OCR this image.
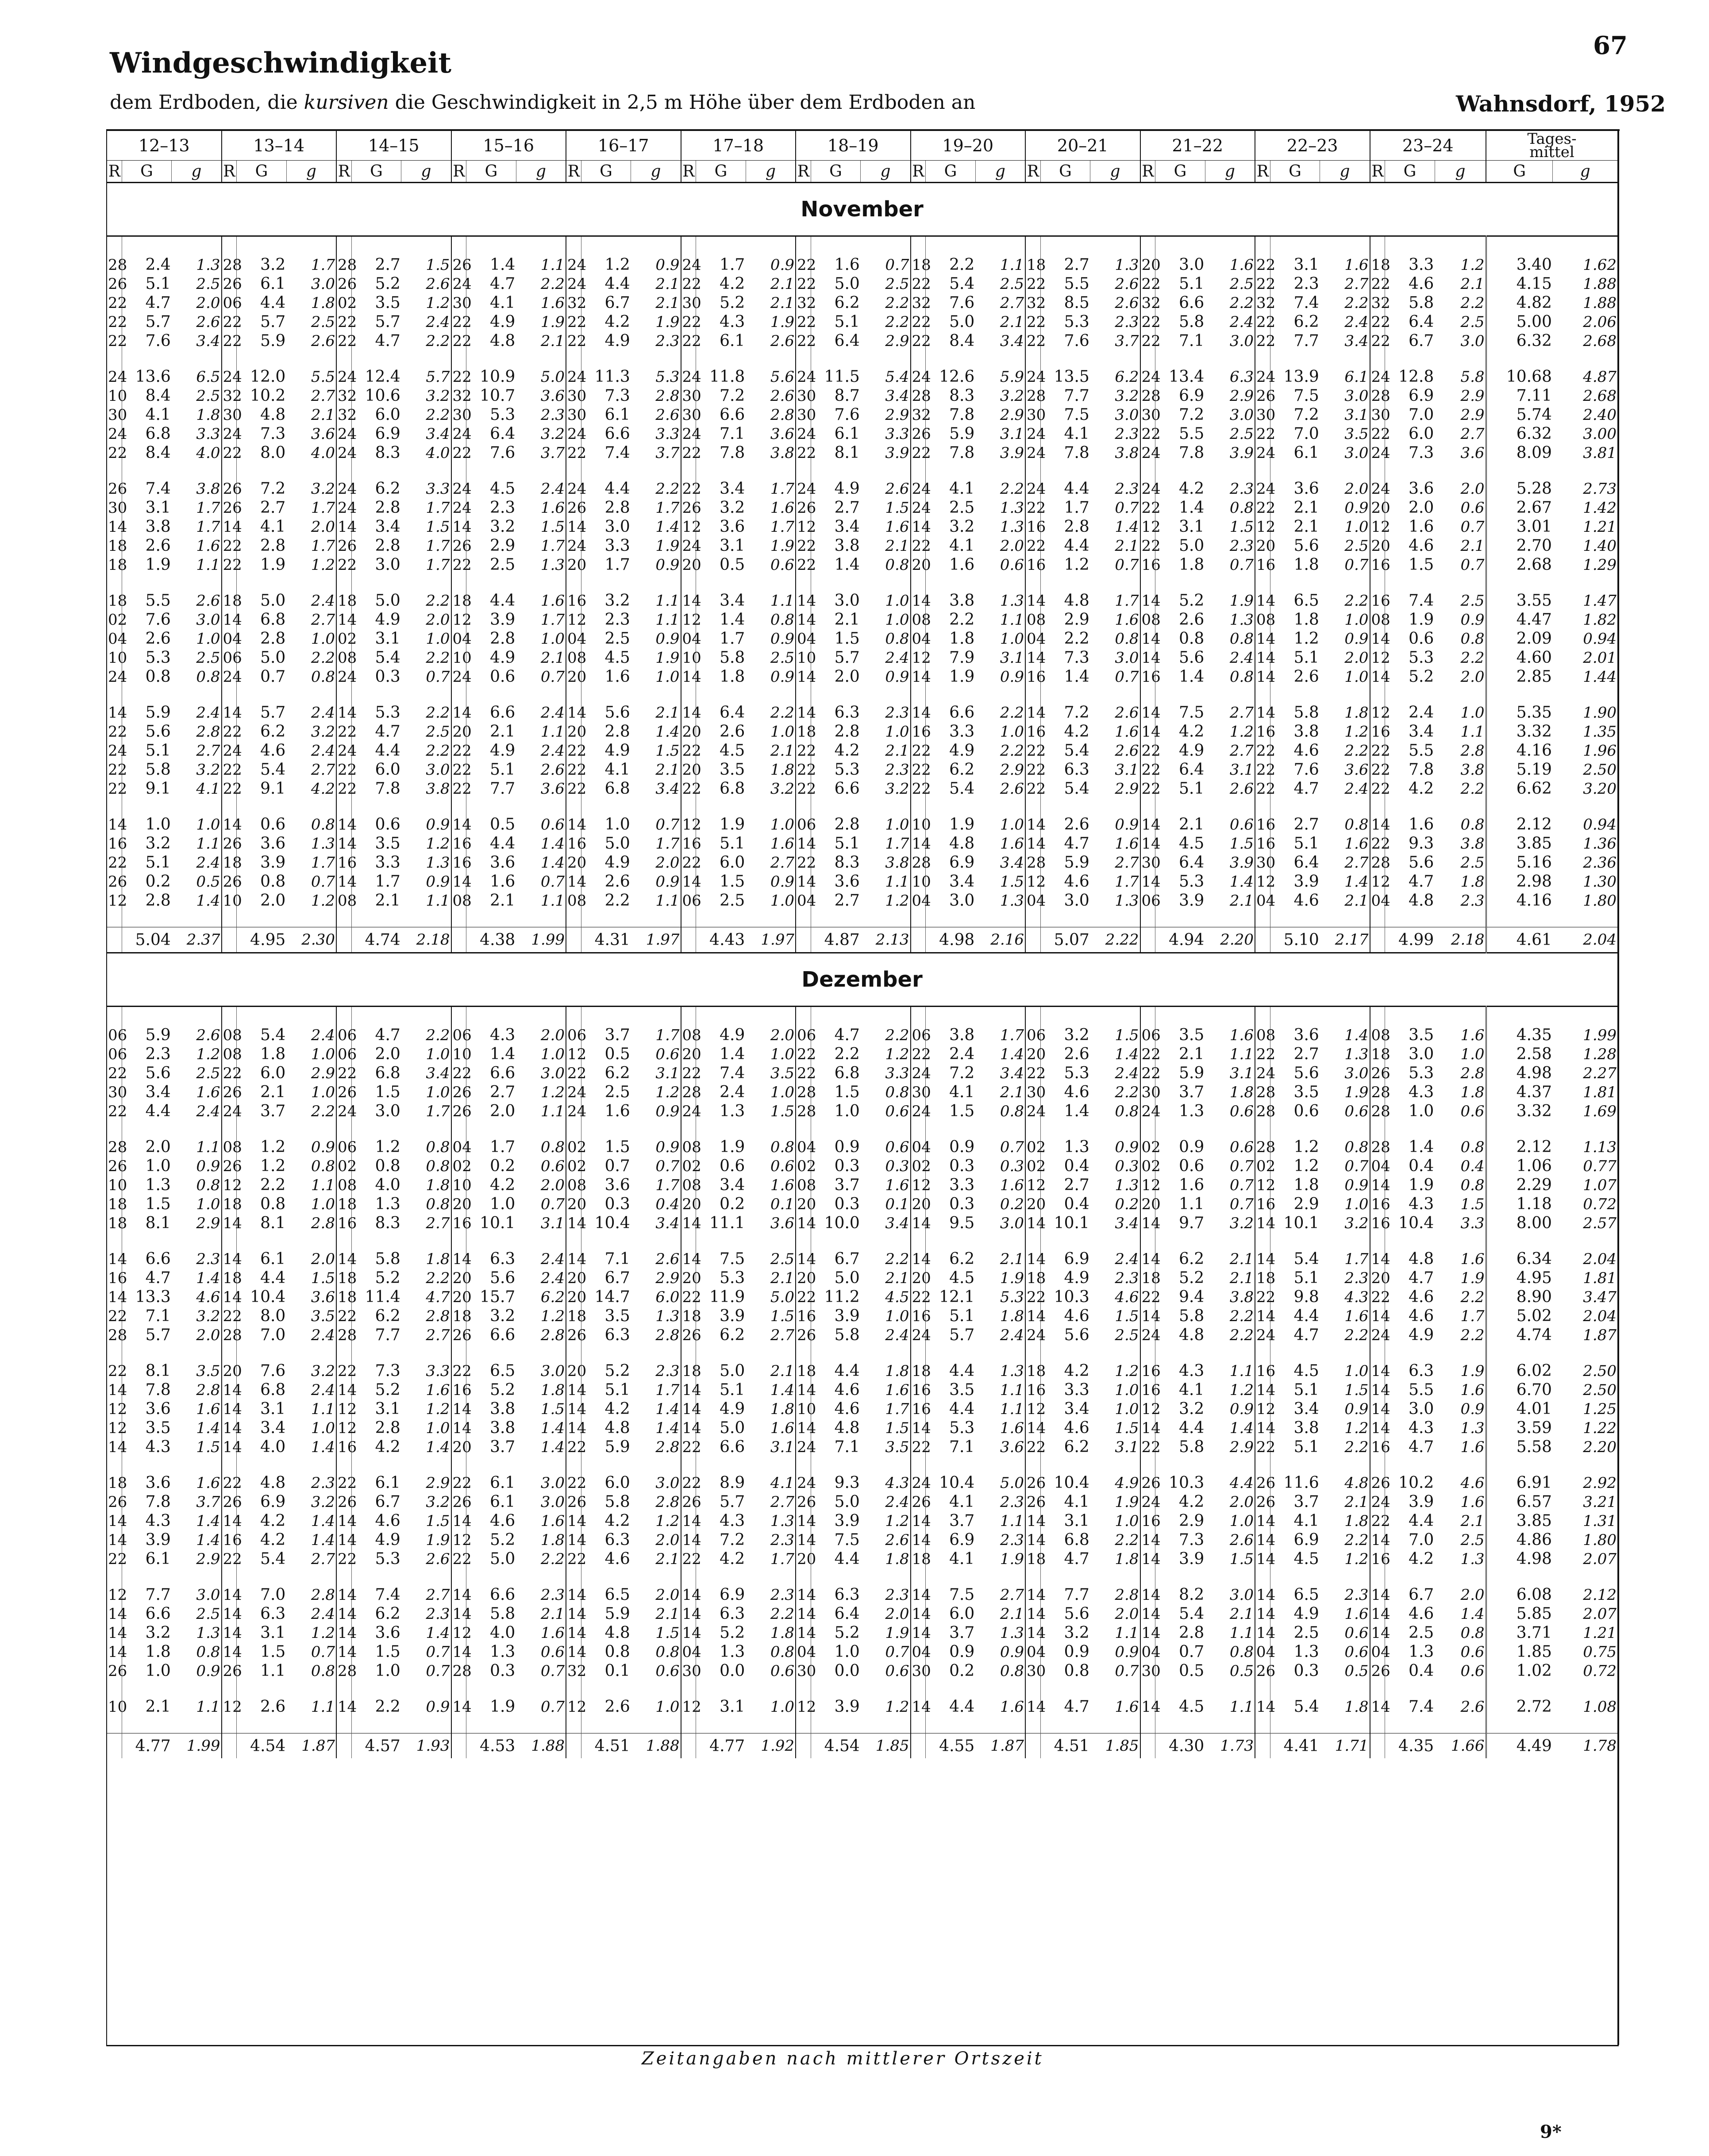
Windgeschwindigkeit
dem Erdboden, die kursiven die Geschwindigkeit in 2,5 m Höhe über dem Erdboden an
67
Wahnsdorf, 1952
12–13			13–14			14–15			15–16			16–17			17–18			18–19			19–20			20–21			21–22			22–23			23–24			Tages-
mittel	
R	G	g	R	G	g	R	G	g	R	G	g	R	G	g	R	G	g	R	G	g	R	G	g	R	G	g	R	G	g	R	G	g	R	G	g	G	g
November																																					

28	2.4	1.3	28	3.2	1.7	28	2.7	1.5	26	1.4	1.1	24	1.2	0.9	24	1.7	0.9	22	1.6	0.7	18	2.2	1.1	18	2.7	1.3	20	3.0	1.6	22	3.1	1.6	18	3.3	1.2	3.40	1.62
26	5.1	2.5	26	6.1	3.0	26	5.2	2.6	24	4.7	2.2	24	4.4	2.1	22	4.2	2.1	22	5.0	2.5	22	5.4	2.5	22	5.5	2.6	22	5.1	2.5	22	2.3	2.7	22	4.6	2.1	4.15	1.88
22	4.7	2.0	06	4.4	1.8	02	3.5	1.2	30	4.1	1.6	32	6.7	2.1	30	5.2	2.1	32	6.2	2.2	32	7.6	2.7	32	8.5	2.6	32	6.6	2.2	32	7.4	2.2	32	5.8	2.2	4.82	1.88
22	5.7	2.6	22	5.7	2.5	22	5.7	2.4	22	4.9	1.9	22	4.2	1.9	22	4.3	1.9	22	5.1	2.2	22	5.0	2.1	22	5.3	2.3	22	5.8	2.4	22	6.2	2.4	22	6.4	2.5	5.00	2.06
22	7.6	3.4	22	5.9	2.6	22	4.7	2.2	22	4.8	2.1	22	4.9	2.3	22	6.1	2.6	22	6.4	2.9	22	8.4	3.4	22	7.6	3.7	22	7.1	3.0	22	7.7	3.4	22	6.7	3.0	6.32	2.68

24	13.6	6.5	24	12.0	5.5	24	12.4	5.7	22	10.9	5.0	24	11.3	5.3	24	11.8	5.6	24	11.5	5.4	24	12.6	5.9	24	13.5	6.2	24	13.4	6.3	24	13.9	6.1	24	12.8	5.8	10.68	4.87
10	8.4	2.5	32	10.2	2.7	32	10.6	3.2	32	10.7	3.6	30	7.3	2.8	30	7.2	2.6	30	8.7	3.4	28	8.3	3.2	28	7.7	3.2	28	6.9	2.9	26	7.5	3.0	28	6.9	2.9	7.11	2.68
30	4.1	1.8	30	4.8	2.1	32	6.0	2.2	30	5.3	2.3	30	6.1	2.6	30	6.6	2.8	30	7.6	2.9	32	7.8	2.9	30	7.5	3.0	30	7.2	3.0	30	7.2	3.1	30	7.0	2.9	5.74	2.40
24	6.8	3.3	24	7.3	3.6	24	6.9	3.4	24	6.4	3.2	24	6.6	3.3	24	7.1	3.6	24	6.1	3.3	26	5.9	3.1	24	4.1	2.3	22	5.5	2.5	22	7.0	3.5	22	6.0	2.7	6.32	3.00
22	8.4	4.0	22	8.0	4.0	24	8.3	4.0	22	7.6	3.7	22	7.4	3.7	22	7.8	3.8	22	8.1	3.9	22	7.8	3.9	24	7.8	3.8	24	7.8	3.9	24	6.1	3.0	24	7.3	3.6	8.09	3.81

26	7.4	3.8	26	7.2	3.2	24	6.2	3.3	24	4.5	2.4	24	4.4	2.2	22	3.4	1.7	24	4.9	2.6	24	4.1	2.2	24	4.4	2.3	24	4.2	2.3	24	3.6	2.0	24	3.6	2.0	5.28	2.73
30	3.1	1.7	26	2.7	1.7	24	2.8	1.7	24	2.3	1.6	26	2.8	1.7	26	3.2	1.6	26	2.7	1.5	24	2.5	1.3	22	1.7	0.7	22	1.4	0.8	22	2.1	0.9	20	2.0	0.6	2.67	1.42
14	3.8	1.7	14	4.1	2.0	14	3.4	1.5	14	3.2	1.5	14	3.0	1.4	12	3.6	1.7	12	3.4	1.6	14	3.2	1.3	16	2.8	1.4	12	3.1	1.5	12	2.1	1.0	12	1.6	0.7	3.01	1.21
18	2.6	1.6	22	2.8	1.7	26	2.8	1.7	26	2.9	1.7	24	3.3	1.9	24	3.1	1.9	22	3.8	2.1	22	4.1	2.0	22	4.4	2.1	22	5.0	2.3	20	5.6	2.5	20	4.6	2.1	2.70	1.40
18	1.9	1.1	22	1.9	1.2	22	3.0	1.7	22	2.5	1.3	20	1.7	0.9	20	0.5	0.6	22	1.4	0.8	20	1.6	0.6	16	1.2	0.7	16	1.8	0.7	16	1.8	0.7	16	1.5	0.7	2.68	1.29

18	5.5	2.6	18	5.0	2.4	18	5.0	2.2	18	4.4	1.6	16	3.2	1.1	14	3.4	1.1	14	3.0	1.0	14	3.8	1.3	14	4.8	1.7	14	5.2	1.9	14	6.5	2.2	16	7.4	2.5	3.55	1.47
02	7.6	3.0	14	6.8	2.7	14	4.9	2.0	12	3.9	1.7	12	2.3	1.1	12	1.4	0.8	14	2.1	1.0	08	2.2	1.1	08	2.9	1.6	08	2.6	1.3	08	1.8	1.0	08	1.9	0.9	4.47	1.82
04	2.6	1.0	04	2.8	1.0	02	3.1	1.0	04	2.8	1.0	04	2.5	0.9	04	1.7	0.9	04	1.5	0.8	04	1.8	1.0	04	2.2	0.8	14	0.8	0.8	14	1.2	0.9	14	0.6	0.8	2.09	0.94
10	5.3	2.5	06	5.0	2.2	08	5.4	2.2	10	4.9	2.1	08	4.5	1.9	10	5.8	2.5	10	5.7	2.4	12	7.9	3.1	14	7.3	3.0	14	5.6	2.4	14	5.1	2.0	12	5.3	2.2	4.60	2.01
24	0.8	0.8	24	0.7	0.8	24	0.3	0.7	24	0.6	0.7	20	1.6	1.0	14	1.8	0.9	14	2.0	0.9	14	1.9	0.9	16	1.4	0.7	16	1.4	0.8	14	2.6	1.0	14	5.2	2.0	2.85	1.44

14	5.9	2.4	14	5.7	2.4	14	5.3	2.2	14	6.6	2.4	14	5.6	2.1	14	6.4	2.2	14	6.3	2.3	14	6.6	2.2	14	7.2	2.6	14	7.5	2.7	14	5.8	1.8	12	2.4	1.0	5.35	1.90
22	5.6	2.8	22	6.2	3.2	22	4.7	2.5	20	2.1	1.1	20	2.8	1.4	20	2.6	1.0	18	2.8	1.0	16	3.3	1.0	16	4.2	1.6	14	4.2	1.2	16	3.8	1.2	16	3.4	1.1	3.32	1.35
24	5.1	2.7	24	4.6	2.4	24	4.4	2.2	22	4.9	2.4	22	4.9	1.5	22	4.5	2.1	22	4.2	2.1	22	4.9	2.2	22	5.4	2.6	22	4.9	2.7	22	4.6	2.2	22	5.5	2.8	4.16	1.96
22	5.8	3.2	22	5.4	2.7	22	6.0	3.0	22	5.1	2.6	22	4.1	2.1	20	3.5	1.8	22	5.3	2.3	22	6.2	2.9	22	6.3	3.1	22	6.4	3.1	22	7.6	3.6	22	7.8	3.8	5.19	2.50
22	9.1	4.1	22	9.1	4.2	22	7.8	3.8	22	7.7	3.6	22	6.8	3.4	22	6.8	3.2	22	6.6	3.2	22	5.4	2.6	22	5.4	2.9	22	5.1	2.6	22	4.7	2.4	22	4.2	2.2	6.62	3.20

14	1.0	1.0	14	0.6	0.8	14	0.6	0.9	14	0.5	0.6	14	1.0	0.7	12	1.9	1.0	06	2.8	1.0	10	1.9	1.0	14	2.6	0.9	14	2.1	0.6	16	2.7	0.8	14	1.6	0.8	2.12	0.94
16	3.2	1.1	26	3.6	1.3	14	3.5	1.2	16	4.4	1.4	16	5.0	1.7	16	5.1	1.6	14	5.1	1.7	14	4.8	1.6	14	4.7	1.6	14	4.5	1.5	16	5.1	1.6	22	9.3	3.8	3.85	1.36
22	5.1	2.4	18	3.9	1.7	16	3.3	1.3	16	3.6	1.4	20	4.9	2.0	22	6.0	2.7	22	8.3	3.8	28	6.9	3.4	28	5.9	2.7	30	6.4	3.9	30	6.4	2.7	28	5.6	2.5	5.16	2.36
26	0.2	0.5	26	0.8	0.7	14	1.7	0.9	14	1.6	0.7	14	2.6	0.9	14	1.5	0.9	14	3.6	1.1	10	3.4	1.5	12	4.6	1.7	14	5.3	1.4	12	3.9	1.4	12	4.7	1.8	2.98	1.30
12	2.8	1.4	10	2.0	1.2	08	2.1	1.1	08	2.1	1.1	08	2.2	1.1	06	2.5	1.0	04	2.7	1.2	04	3.0	1.3	04	3.0	1.3	06	3.9	2.1	04	4.6	2.1	04	4.8	2.3	4.16	1.80

	5.04	2.37		4.95	2.30		4.74	2.18		4.38	1.99		4.31	1.97		4.43	1.97		4.87	2.13		4.98	2.16		5.07	2.22		4.94	2.20		5.10	2.17		4.99	2.18	4.61	2.04
Dezember																																					

06	5.9	2.6	08	5.4	2.4	06	4.7	2.2	06	4.3	2.0	06	3.7	1.7	08	4.9	2.0	06	4.7	2.2	06	3.8	1.7	06	3.2	1.5	06	3.5	1.6	08	3.6	1.4	08	3.5	1.6	4.35	1.99
06	2.3	1.2	08	1.8	1.0	06	2.0	1.0	10	1.4	1.0	12	0.5	0.6	20	1.4	1.0	22	2.2	1.2	22	2.4	1.4	20	2.6	1.4	22	2.1	1.1	22	2.7	1.3	18	3.0	1.0	2.58	1.28
22	5.6	2.5	22	6.0	2.9	22	6.8	3.4	22	6.6	3.0	22	6.2	3.1	22	7.4	3.5	22	6.8	3.3	24	7.2	3.4	22	5.3	2.4	22	5.9	3.1	24	5.6	3.0	26	5.3	2.8	4.98	2.27
30	3.4	1.6	26	2.1	1.0	26	1.5	1.0	26	2.7	1.2	24	2.5	1.2	28	2.4	1.0	28	1.5	0.8	30	4.1	2.1	30	4.6	2.2	30	3.7	1.8	28	3.5	1.9	28	4.3	1.8	4.37	1.81
22	4.4	2.4	24	3.7	2.2	24	3.0	1.7	26	2.0	1.1	24	1.6	0.9	24	1.3	1.5	28	1.0	0.6	24	1.5	0.8	24	1.4	0.8	24	1.3	0.6	28	0.6	0.6	28	1.0	0.6	3.32	1.69

28	2.0	1.1	08	1.2	0.9	06	1.2	0.8	04	1.7	0.8	02	1.5	0.9	08	1.9	0.8	04	0.9	0.6	04	0.9	0.7	02	1.3	0.9	02	0.9	0.6	28	1.2	0.8	28	1.4	0.8	2.12	1.13
26	1.0	0.9	26	1.2	0.8	02	0.8	0.8	02	0.2	0.6	02	0.7	0.7	02	0.6	0.6	02	0.3	0.3	02	0.3	0.3	02	0.4	0.3	02	0.6	0.7	02	1.2	0.7	04	0.4	0.4	1.06	0.77
10	1.3	0.8	12	2.2	1.1	08	4.0	1.8	10	4.2	2.0	08	3.6	1.7	08	3.4	1.6	08	3.7	1.6	12	3.3	1.6	12	2.7	1.3	12	1.6	0.7	12	1.8	0.9	14	1.9	0.8	2.29	1.07
18	1.5	1.0	18	0.8	1.0	18	1.3	0.8	20	1.0	0.7	20	0.3	0.4	20	0.2	0.1	20	0.3	0.1	20	0.3	0.2	20	0.4	0.2	20	1.1	0.7	16	2.9	1.0	16	4.3	1.5	1.18	0.72
18	8.1	2.9	14	8.1	2.8	16	8.3	2.7	16	10.1	3.1	14	10.4	3.4	14	11.1	3.6	14	10.0	3.4	14	9.5	3.0	14	10.1	3.4	14	9.7	3.2	14	10.1	3.2	16	10.4	3.3	8.00	2.57

14	6.6	2.3	14	6.1	2.0	14	5.8	1.8	14	6.3	2.4	14	7.1	2.6	14	7.5	2.5	14	6.7	2.2	14	6.2	2.1	14	6.9	2.4	14	6.2	2.1	14	5.4	1.7	14	4.8	1.6	6.34	2.04
16	4.7	1.4	18	4.4	1.5	18	5.2	2.2	20	5.6	2.4	20	6.7	2.9	20	5.3	2.1	20	5.0	2.1	20	4.5	1.9	18	4.9	2.3	18	5.2	2.1	18	5.1	2.3	20	4.7	1.9	4.95	1.81
14	13.3	4.6	14	10.4	3.6	18	11.4	4.7	20	15.7	6.2	20	14.7	6.0	22	11.9	5.0	22	11.2	4.5	22	12.1	5.3	22	10.3	4.6	22	9.4	3.8	22	9.8	4.3	22	4.6	2.2	8.90	3.47
22	7.1	3.2	22	8.0	3.5	22	6.2	2.8	18	3.2	1.2	18	3.5	1.3	18	3.9	1.5	16	3.9	1.0	16	5.1	1.8	14	4.6	1.5	14	5.8	2.2	14	4.4	1.6	14	4.6	1.7	5.02	2.04
28	5.7	2.0	28	7.0	2.4	28	7.7	2.7	26	6.6	2.8	26	6.3	2.8	26	6.2	2.7	26	5.8	2.4	24	5.7	2.4	24	5.6	2.5	24	4.8	2.2	24	4.7	2.2	24	4.9	2.2	4.74	1.87

22	8.1	3.5	20	7.6	3.2	22	7.3	3.3	22	6.5	3.0	20	5.2	2.3	18	5.0	2.1	18	4.4	1.8	18	4.4	1.3	18	4.2	1.2	16	4.3	1.1	16	4.5	1.0	14	6.3	1.9	6.02	2.50
14	7.8	2.8	14	6.8	2.4	14	5.2	1.6	16	5.2	1.8	14	5.1	1.7	14	5.1	1.4	14	4.6	1.6	16	3.5	1.1	16	3.3	1.0	16	4.1	1.2	14	5.1	1.5	14	5.5	1.6	6.70	2.50
12	3.6	1.6	14	3.1	1.1	12	3.1	1.2	14	3.8	1.5	14	4.2	1.4	14	4.9	1.8	10	4.6	1.7	16	4.4	1.1	12	3.4	1.0	12	3.2	0.9	12	3.4	0.9	14	3.0	0.9	4.01	1.25
12	3.5	1.4	14	3.4	1.0	12	2.8	1.0	14	3.8	1.4	14	4.8	1.4	14	5.0	1.6	14	4.8	1.5	14	5.3	1.6	14	4.6	1.5	14	4.4	1.4	14	3.8	1.2	14	4.3	1.3	3.59	1.22
14	4.3	1.5	14	4.0	1.4	16	4.2	1.4	20	3.7	1.4	22	5.9	2.8	22	6.6	3.1	24	7.1	3.5	22	7.1	3.6	22	6.2	3.1	22	5.8	2.9	22	5.1	2.2	16	4.7	1.6	5.58	2.20

18	3.6	1.6	22	4.8	2.3	22	6.1	2.9	22	6.1	3.0	22	6.0	3.0	22	8.9	4.1	24	9.3	4.3	24	10.4	5.0	26	10.4	4.9	26	10.3	4.4	26	11.6	4.8	26	10.2	4.6	6.91	2.92
26	7.8	3.7	26	6.9	3.2	26	6.7	3.2	26	6.1	3.0	26	5.8	2.8	26	5.7	2.7	26	5.0	2.4	26	4.1	2.3	26	4.1	1.9	24	4.2	2.0	26	3.7	2.1	24	3.9	1.6	6.57	3.21
14	4.3	1.4	14	4.2	1.4	14	4.6	1.5	14	4.6	1.6	14	4.2	1.2	14	4.3	1.3	14	3.9	1.2	14	3.7	1.1	14	3.1	1.0	16	2.9	1.0	14	4.1	1.8	22	4.4	2.1	3.85	1.31
14	3.9	1.4	16	4.2	1.4	14	4.9	1.9	12	5.2	1.8	14	6.3	2.0	14	7.2	2.3	14	7.5	2.6	14	6.9	2.3	14	6.8	2.2	14	7.3	2.6	14	6.9	2.2	14	7.0	2.5	4.86	1.80
22	6.1	2.9	22	5.4	2.7	22	5.3	2.6	22	5.0	2.2	22	4.6	2.1	22	4.2	1.7	20	4.4	1.8	18	4.1	1.9	18	4.7	1.8	14	3.9	1.5	14	4.5	1.2	16	4.2	1.3	4.98	2.07

12	7.7	3.0	14	7.0	2.8	14	7.4	2.7	14	6.6	2.3	14	6.5	2.0	14	6.9	2.3	14	6.3	2.3	14	7.5	2.7	14	7.7	2.8	14	8.2	3.0	14	6.5	2.3	14	6.7	2.0	6.08	2.12
14	6.6	2.5	14	6.3	2.4	14	6.2	2.3	14	5.8	2.1	14	5.9	2.1	14	6.3	2.2	14	6.4	2.0	14	6.0	2.1	14	5.6	2.0	14	5.4	2.1	14	4.9	1.6	14	4.6	1.4	5.85	2.07
14	3.2	1.3	14	3.1	1.2	14	3.6	1.4	12	4.0	1.6	14	4.8	1.5	14	5.2	1.8	14	5.2	1.9	14	3.7	1.3	14	3.2	1.1	14	2.8	1.1	14	2.5	0.6	14	2.5	0.8	3.71	1.21
14	1.8	0.8	14	1.5	0.7	14	1.5	0.7	14	1.3	0.6	14	0.8	0.8	04	1.3	0.8	04	1.0	0.7	04	0.9	0.9	04	0.9	0.9	04	0.7	0.8	04	1.3	0.6	04	1.3	0.6	1.85	0.75
26	1.0	0.9	26	1.1	0.8	28	1.0	0.7	28	0.3	0.7	32	0.1	0.6	30	0.0	0.6	30	0.0	0.6	30	0.2	0.8	30	0.8	0.7	30	0.5	0.5	26	0.3	0.5	26	0.4	0.6	1.02	0.72

10	2.1	1.1	12	2.6	1.1	14	2.2	0.9	14	1.9	0.7	12	2.6	1.0	12	3.1	1.0	12	3.9	1.2	14	4.4	1.6	14	4.7	1.6	14	4.5	1.1	14	5.4	1.8	14	7.4	2.6	2.72	1.08

	4.77	1.99		4.54	1.87		4.57	1.93		4.53	1.88		4.51	1.88		4.77	1.92		4.54	1.85		4.55	1.87		4.51	1.85		4.30	1.73		4.41	1.71		4.35	1.66	4.49	1.78
Zeitangaben nach mittlerer Ortszeit
9*
